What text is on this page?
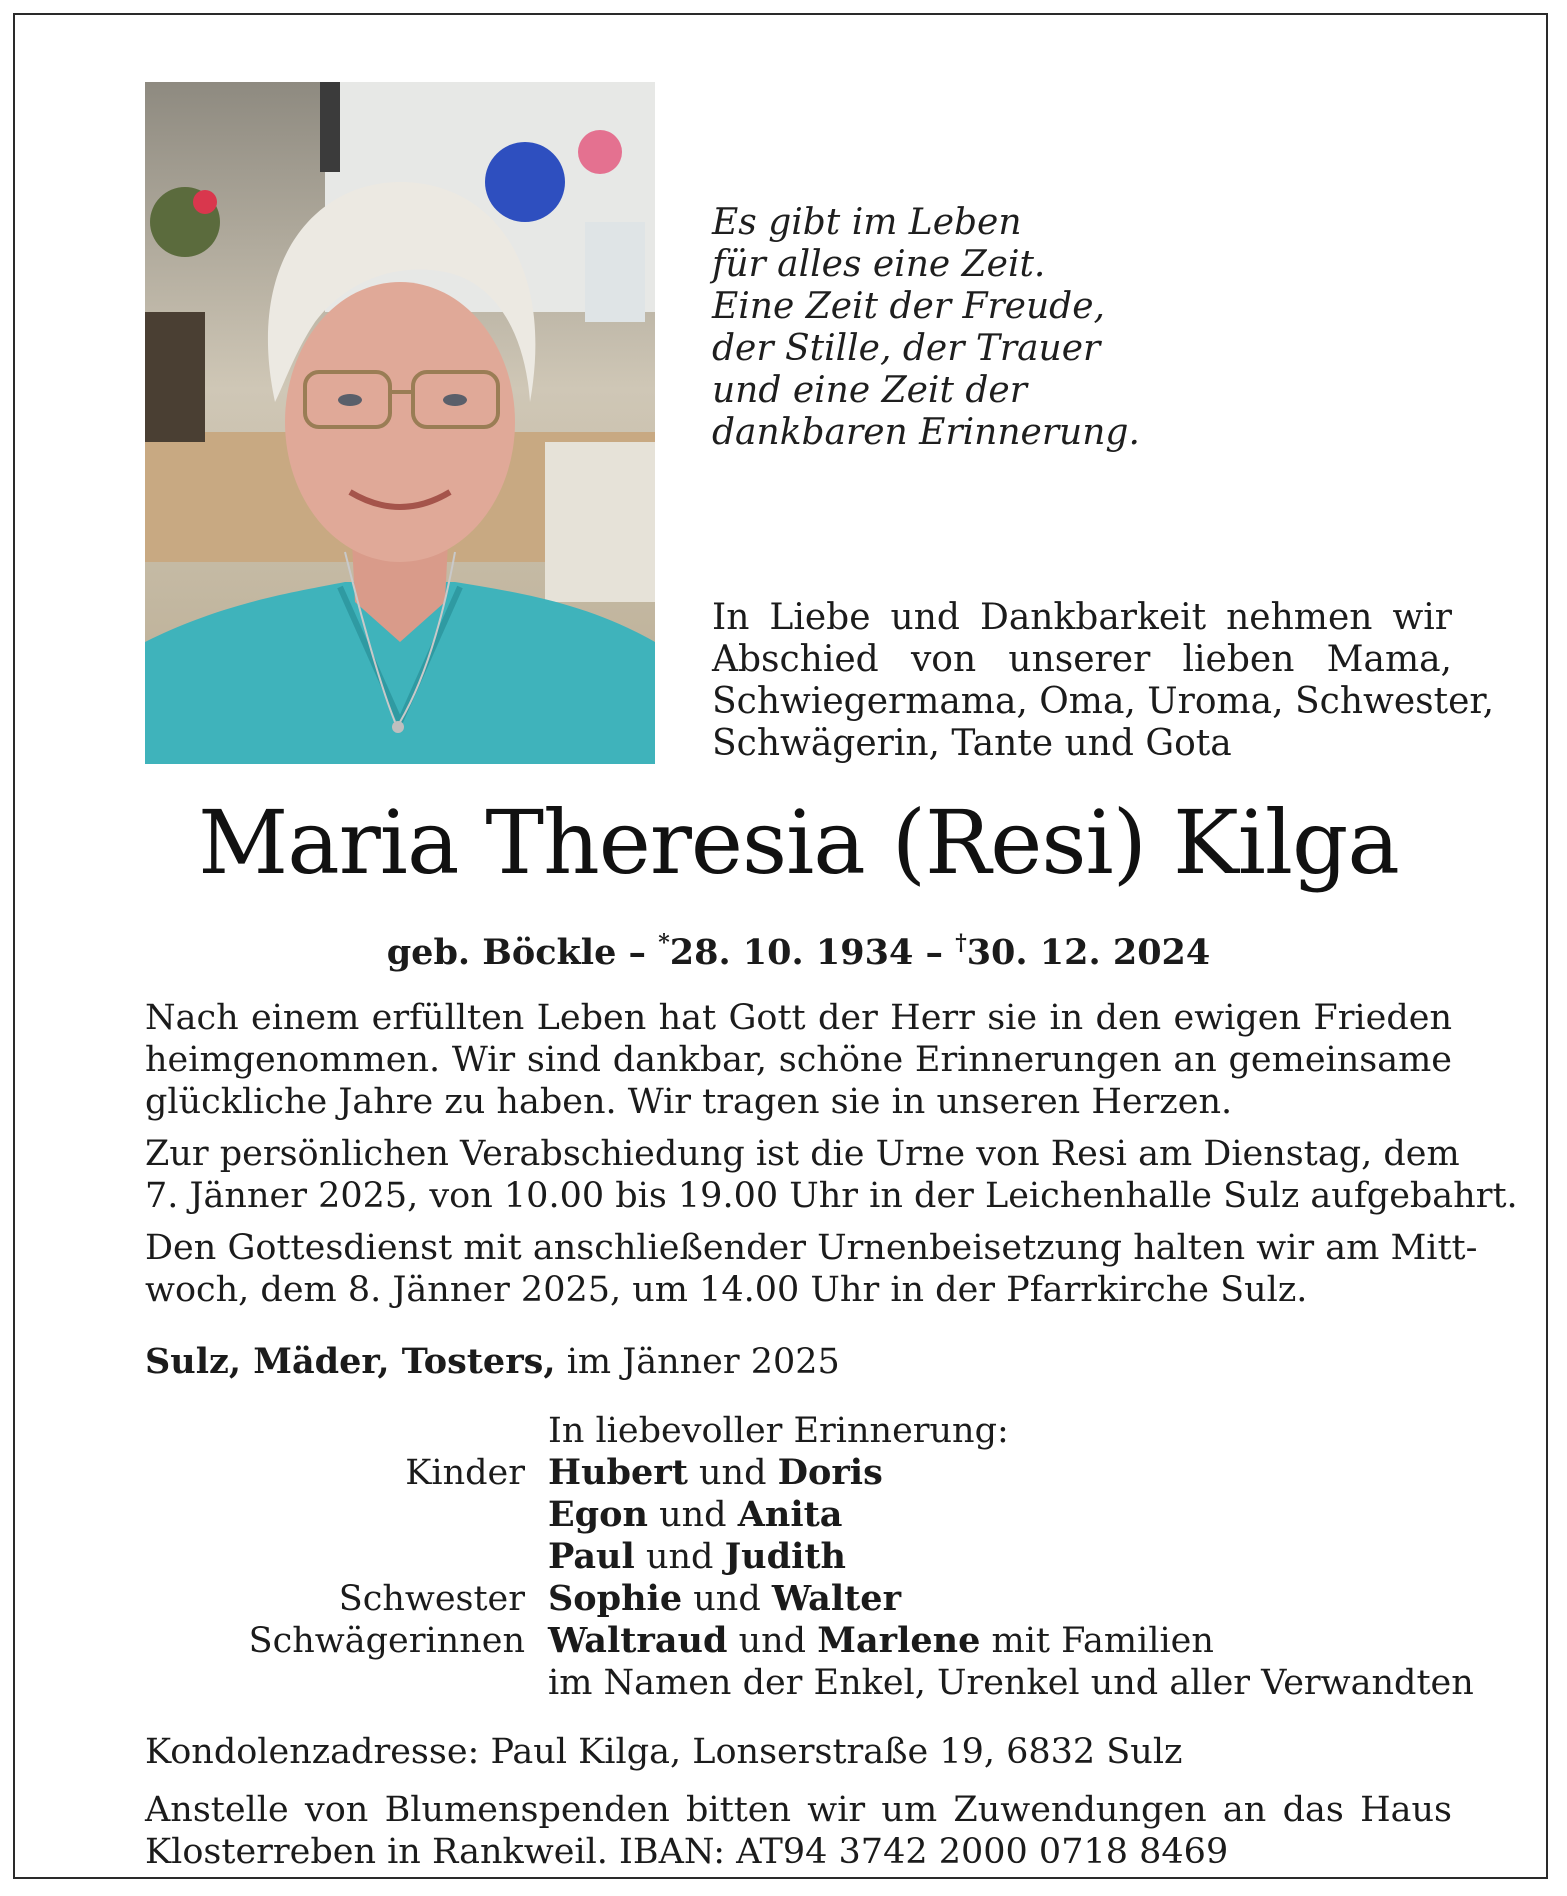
Es gibt im Leben
für alles eine Zeit.
Eine Zeit der Freude,
der Stille, der Trauer
und eine Zeit der
dankbaren Erinnerung.
In Liebe und Dankbarkeit nehmen wir
Abschied von unserer lieben Mama,
Schwiegermama, Oma, Uroma, Schwester,
Schwägerin, Tante und Gota
Maria Theresia (Resi) Kilga
geb. Böckle – *28. 10. 1934 – †30. 12. 2024
Nach einem erfüllten Leben hat Gott der Herr sie in den ewigen Frieden
heimgenommen. Wir sind dankbar, schöne Erinnerungen an gemeinsame
glückliche Jahre zu haben. Wir tragen sie in unseren Herzen.
Zur persönlichen Verabschiedung ist die Urne von Resi am Dienstag, dem
7. Jänner 2025, von 10.00 bis 19.00 Uhr in der Leichenhalle Sulz aufgebahrt.
Den Gottesdienst mit anschließender Urnenbeisetzung halten wir am Mitt-
woch, dem 8. Jänner 2025, um 14.00 Uhr in der Pfarrkirche Sulz.
Sulz, Mäder, Tosters, im Jänner 2025
In liebevoller Erinnerung:
Kinder Hubert und Doris
Egon und Anita
Paul und Judith
Schwester Sophie und Walter
Schwägerinnen Waltraud und Marlene mit Familien
im Namen der Enkel, Urenkel und aller Verwandten
Kondolenzadresse: Paul Kilga, Lonserstraße 19, 6832 Sulz
Anstelle von Blumenspenden bitten wir um Zuwendungen an das Haus
Klosterreben in Rankweil. IBAN: AT94 3742 2000 0718 8469
